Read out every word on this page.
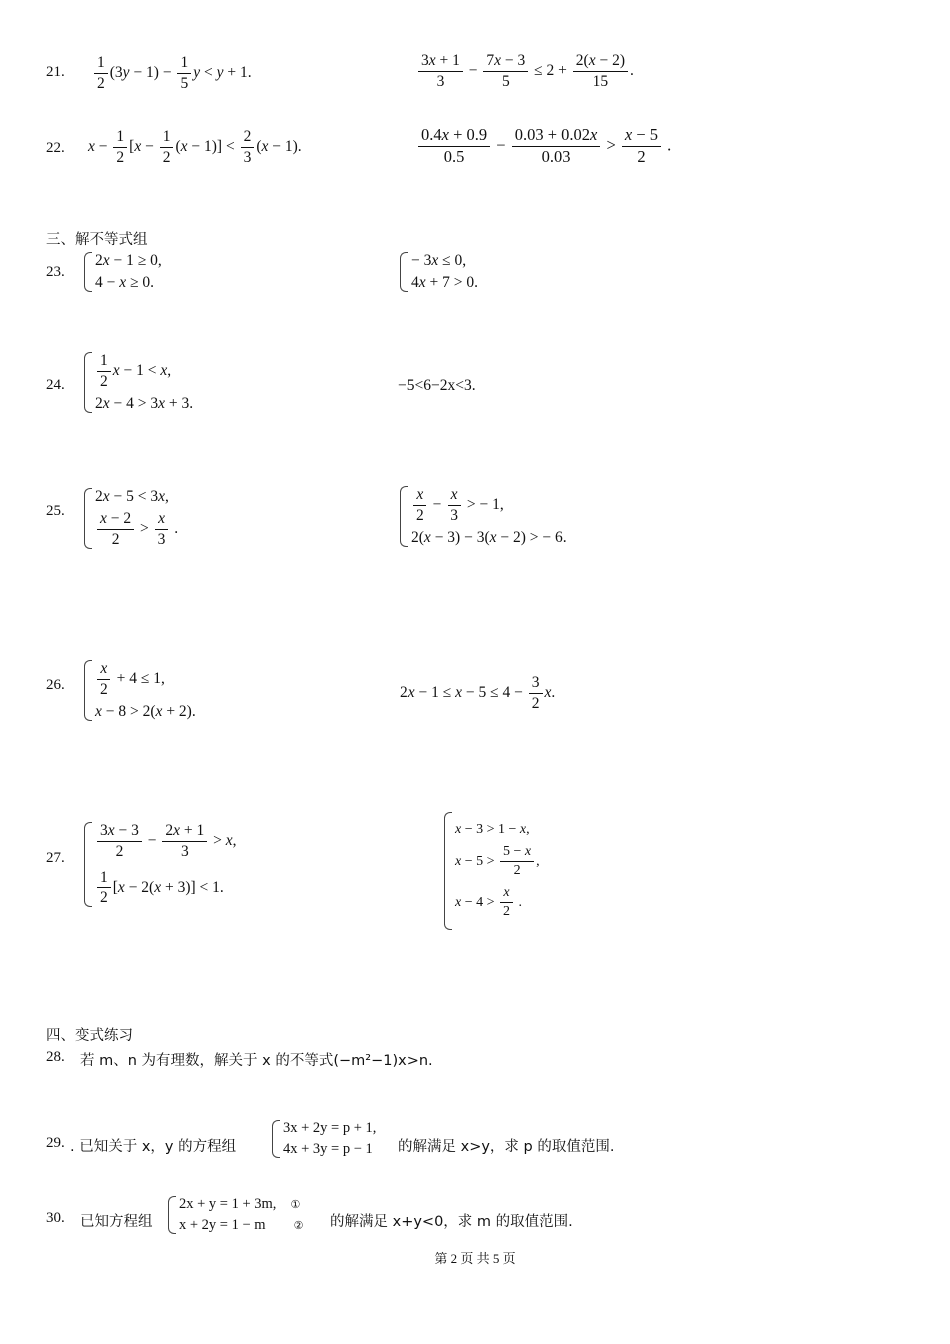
21. $\frac{1}{2} (3y - 1) - \frac{1}{5}$ y < y + 1.	$\frac{3x + 1}{3} - \frac{7x - 3}{5} \le 2 + \frac{2(x - 2)}{15}$ .
22. $x - \frac{1}{2} [x - \frac{1}{2} (x - 1)] < \frac{2}{3} (x - 1)$.	$\frac{0.4x + 0.9}{0.5} - \frac{0.03 + 0.02x}{0.03} > \frac{x - 5}{2}$ .
三、解不等式组
23.
2x − 1 ≥ 0,
4 − x ≥ 0.
− 3x ≤ 0,
4x + 7 > 0.
24. $\frac{1}{2}$ x − 1 < x,
2x − 4 > 3x + 3.
−5<6−2x<3.
25.
2x − 5 < 3x,
$\frac{x - 2}{2} > \frac{x}{3}$ .
$\frac{x}{2} - \frac{x}{3}$ > − 1,
2(x − 3) − 3(x − 2) > − 6.
26. $\frac{x}{2} + 4 \le 1$,
x − 8 > 2(x + 2).
$2x - 1 \le x - 5 \le 4 - \frac{3}{2} x$.
27. $\frac{3x - 3}{2} - \frac{2x + 1}{3} > x$,
$\frac{1}{2} [x - 2(x + 3)] < 1$.
x − 3 > 1 − x,
$x - 5 > \frac{5 - x}{2}$ ,
$x - 4 > \frac{x}{2}$ .
四、变式练习
28. 若 m、n 为有理数，解关于 x 的不等式(−m²−1)x>n.
29. . 已知关于 x，y 的方程组
3x + 2y = p + 1,
4x + 3y = p − 1 的解满足 x>y，求 p 的取值范围.
30. 已知方程组
2x + y = 1 + 3m, ①
x + 2y = 1 − m	② 的解满足 x+y<0，求 m 的取值范围.
第 2 页 共 5 页
